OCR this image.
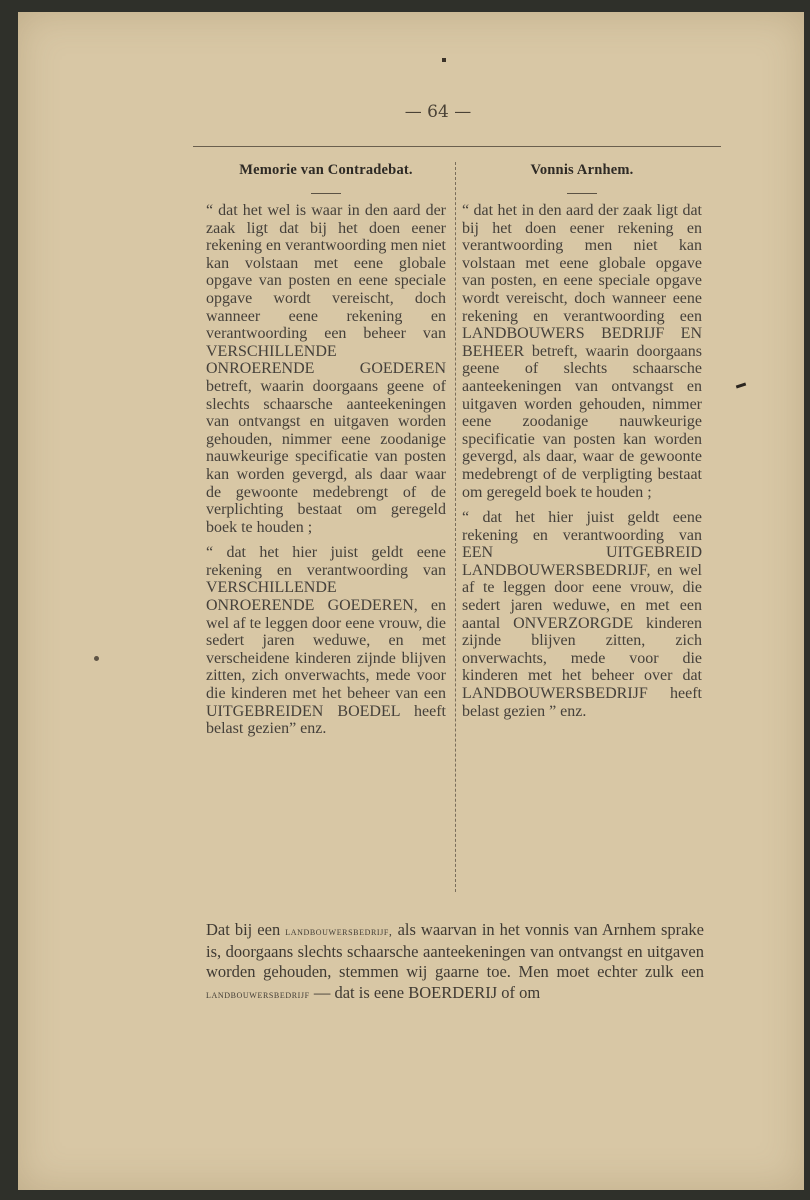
— 64 —
Memorie van Contradebat.

“ dat het wel is waar in den aard der zaak ligt dat bij het doen eener rekening en verantwoording men niet kan volstaan met eene globale opgave van posten en eene speciale opgave wordt vereischt, doch wanneer eene rekening en verantwoording een beheer van VERSCHILLENDE ONROERENDE GOEDEREN betreft, waarin doorgaans geene of slechts schaarsche aanteekeningen van ontvangst en uitgaven worden gehouden, nimmer eene zoodanige nauwkeurige specificatie van posten kan worden gevergd, als daar waar de gewoonte medebrengt of de verplichting bestaat om geregeld boek te houden ;

“ dat het hier juist geldt eene rekening en verantwoording van VERSCHILLENDE ONROERENDE GOEDEREN, en wel af te leggen door eene vrouw, die sedert jaren weduwe, en met verscheidene kinderen zijnde blijven zitten, zich onverwachts, mede voor die kinderen met het beheer van een UITGEBREIDEN BOEDEL heeft belast gezien” enz.

Vonnis Arnhem.

“ dat het in den aard der zaak ligt dat bij het doen eener rekening en verantwoording men niet kan volstaan met eene globale opgave van posten, en eene speciale opgave wordt vereischt, doch wanneer eene rekening en verantwoording een LANDBOUWERS BEDRIJF EN BEHEER betreft, waarin doorgaans geene of slechts schaarsche aanteekeningen van ontvangst en uitgaven worden gehouden, nimmer eene zoodanige nauwkeurige specificatie van posten kan worden gevergd, als daar, waar de gewoonte medebrengt of de verpligting bestaat om geregeld boek te houden ;

“ dat het hier juist geldt eene rekening en verantwoording van EEN UITGEBREID LANDBOUWERSBEDRIJF, en wel af te leggen door eene vrouw, die sedert jaren weduwe, en met een aantal ONVERZORGDE kinderen zijnde blijven zitten, zich onverwachts, mede voor die kinderen met het beheer over dat LANDBOUWERSBEDRIJF heeft belast gezien ” enz.

Dat bij een landbouwersbedrijf, als waarvan in het vonnis van Arnhem sprake is, doorgaans slechts schaarsche aanteekeningen van ontvangst en uitgaven worden gehouden, stemmen wij gaarne toe. Men moet echter zulk een landbouwersbedrijf — dat is eene BOERDERIJ of om
